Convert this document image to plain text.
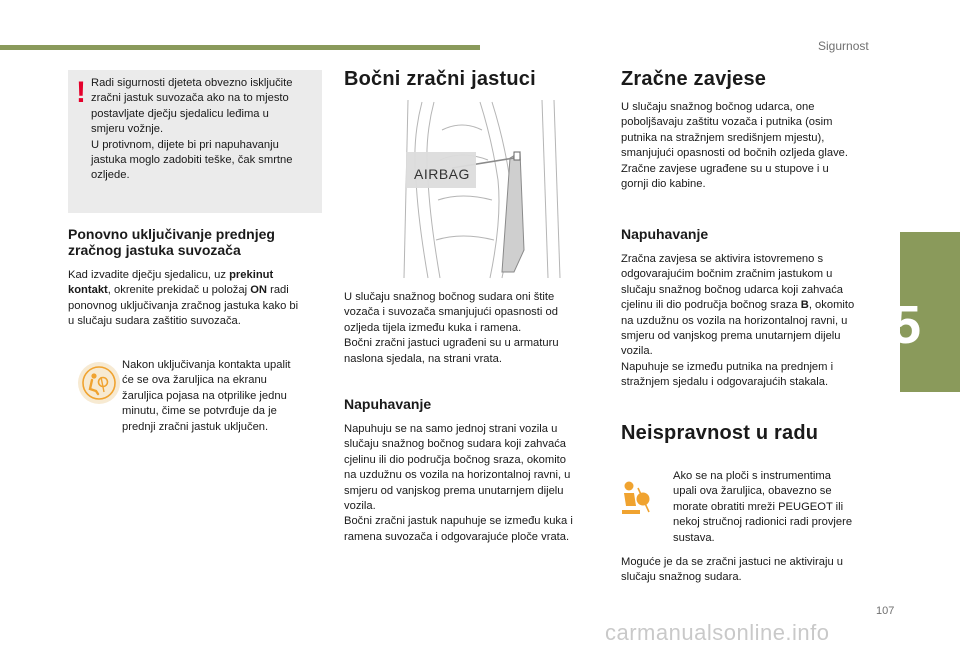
Sigurnost
5
! Radi sigurnosti djeteta obvezno isključite
zračni jastuk suvozača ako na to mjesto
postavljate dječju sjedalicu leđima u
smjeru vožnje.
U protivnom, dijete bi pri napuhavanju
jastuka moglo zadobiti teške, čak smrtne
ozljede.

Ponovno uključivanje prednjeg
zračnog jastuka suvozača

Kad izvadite dječju sjedalicu, uz prekinut
kontakt, okrenite prekidač u položaj ON radi
ponovnog uključivanja zračnog jastuka kako bi
u slučaju sudara zaštitio suvozača.

Nakon uključivanja kontakta upalit
će se ova žaruljica na ekranu
žaruljica pojasa na otprilike jednu
minutu, čime se potvrđuje da je
prednji zračni jastuk uključen.

Bočni zračni jastuci
AIRBAG

U slučaju snažnog bočnog sudara oni štite
vozača i suvozača smanjujući opasnosti od
ozljeda tijela između kuka i ramena.
Bočni zračni jastuci ugrađeni su u armaturu
naslona sjedala, na strani vrata.

Napuhavanje

Napuhuju se na samo jednoj strani vozila u
slučaju snažnog bočnog sudara koji zahvaća
cjelinu ili dio područja bočnog sraza, okomito
na uzdužnu os vozila na horizontalnoj ravni, u
smjeru od vanjskog prema unutarnjem dijelu
vozila.
Bočni zračni jastuk napuhuje se između kuka i
ramena suvozača i odgovarajuće ploče vrata.

Zračne zavjese

U slučaju snažnog bočnog udarca, one
poboljšavaju zaštitu vozača i putnika (osim
putnika na stražnjem središnjem mjestu),
smanjujući opasnosti od bočnih ozljeda glave.
Zračne zavjese ugrađene su u stupove i u
gornji dio kabine.

Napuhavanje

Zračna zavjesa se aktivira istovremeno s
odgovarajućim bočnim zračnim jastukom u
slučaju snažnog bočnog udarca koji zahvaća
cjelinu ili dio područja bočnog sraza B, okomito
na uzdužnu os vozila na horizontalnoj ravni, u
smjeru od vanjskog prema unutarnjem dijelu
vozila.
Napuhuje se između putnika na prednjem i
stražnjem sjedalu i odgovarajućih stakala.

Neispravnost u radu

Ako se na ploči s instrumentima
upali ova žaruljica, obavezno se
morate obratiti mreži PEUGEOT ili
nekoj stručnoj radionici radi provjere
sustava.

Moguće je da se zračni jastuci ne aktiviraju u
slučaju snažnog sudara.

107
carmanualsonline.info
